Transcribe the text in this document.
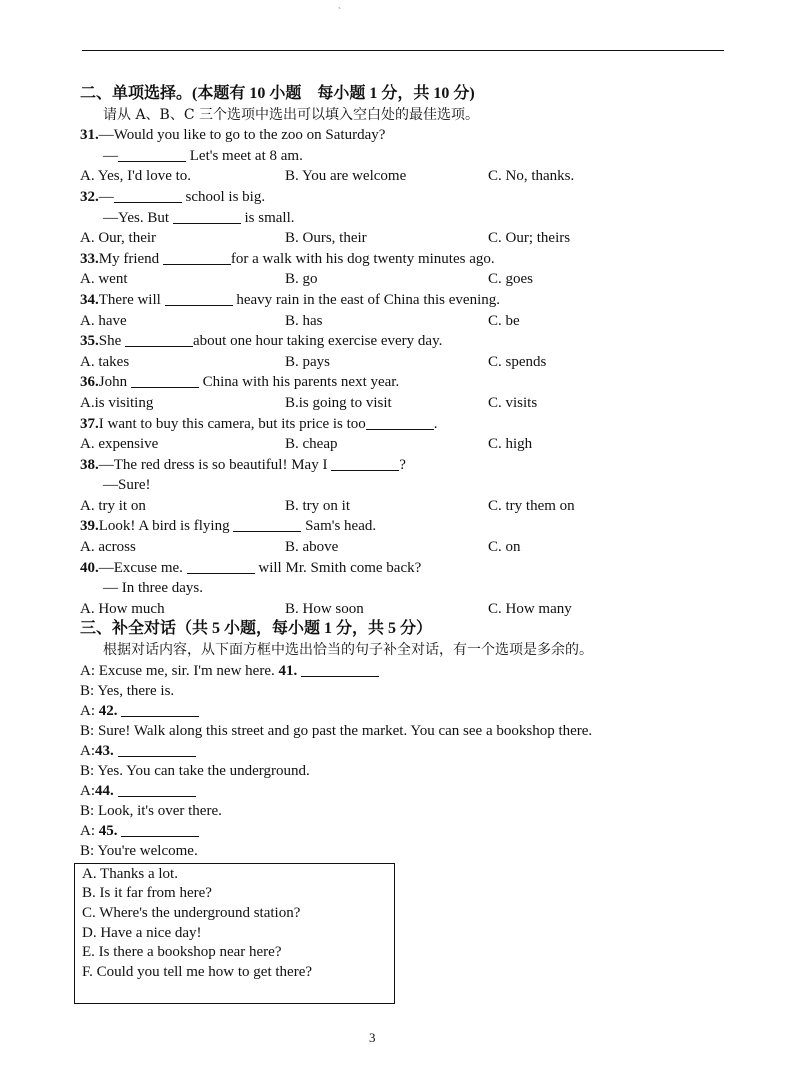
、
二、单项选择。(本题有 10 小题　每小题 1 分，共 10 分)
请从 A、B、C 三个选项中选出可以填入空白处的最佳选项。
31.—Would you like to go to the zoo on Saturday?
—	Let's meet at 8 am.
A. Yes, I'd love to.	B. You are welcome	C. No, thanks.
32.—	school is big.
—Yes. But	is small.
A. Our, their	B. Ours, their	C. Our; theirs
33.My friend	for a walk with his dog twenty minutes ago.
A. went	B. go	C. goes
34.There will	heavy rain in the east of China this evening.
A. have	B. has	C. be
35.She	about one hour taking exercise every day.
A. takes	B. pays	C. spends
36.John	China with his parents next year.
A.is visiting	B.is going to visit	C. visits
37.I want to buy this camera, but its price is too	.
A. expensive	B. cheap	C. high
38.—The red dress is so beautiful! May I	?
—Sure!
A. try it on	B. try on it	C. try them on
39.Look! A bird is flying	Sam's head.
A. across	B. above	C. on
40.—Excuse me.	will Mr. Smith come back?
— In three days.
A. How much	B. How soon	C. How many
三、补全对话（共 5 小题，每小题 1 分，共 5 分）
根据对话内容，从下面方框中选出恰当的句子补全对话，有一个选项是多余的。
A: Excuse me, sir. I'm new here. 41.
B: Yes, there is.
A: 42.
B: Sure! Walk along this street and go past the market. You can see a bookshop there.
A:43.
B: Yes. You can take the underground.
A:44.
B: Look, it's over there.
A: 45.
B: You're welcome.
A. Thanks a lot.
B. Is it far from here?
C. Where's the underground station?
D. Have a nice day!
E. Is there a bookshop near here?
F. Could you tell me how to get there?
3
